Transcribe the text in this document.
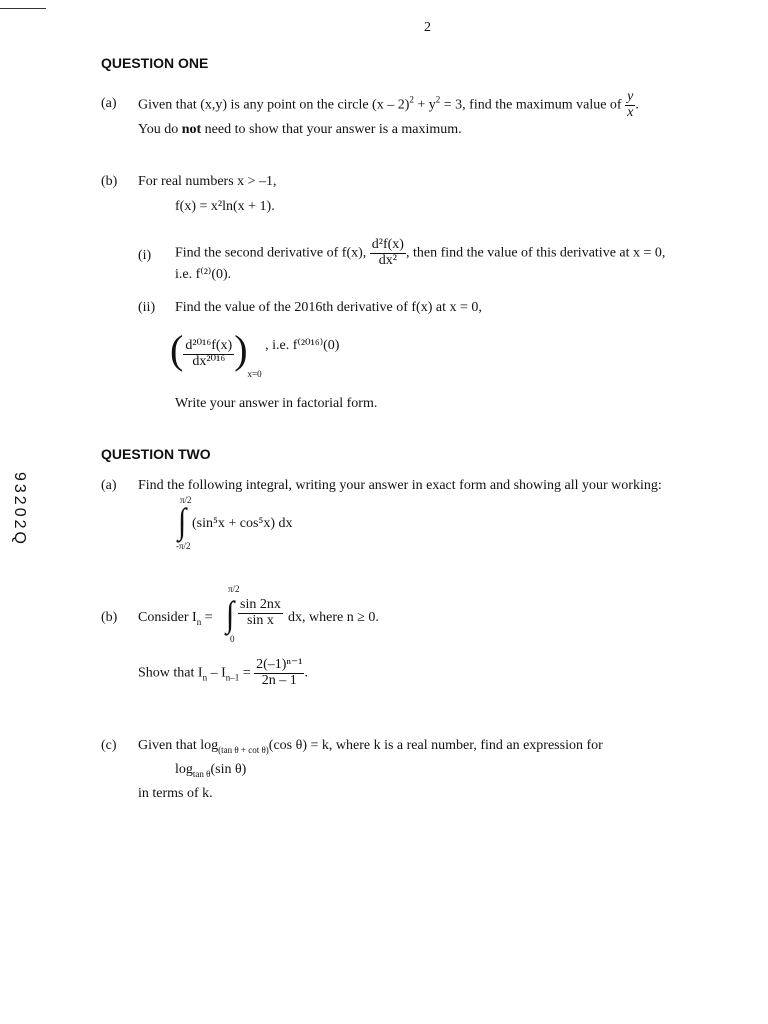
2
93202Q
QUESTION ONE
(a) Given that (x,y) is any point on the circle $(x - 2)^2 + y^2 = 3$, find the maximum value of $\frac{y}{x}$ .
You do not need to show that your answer is a maximum.
(b) For real numbers x > –1,
f(x) = x²ln(x + 1).
(i) Find the second derivative of f(x), $\frac{\text{d²f(x)}}{\text{dx²}}$ , then find the value of this derivative at x = 0,
i.e. f⁽²⁾(0).
(ii) Find the value of the 2016th derivative of f(x) at x = 0,
( $\frac{\text{d²⁰¹⁶f(x)}}{\text{dx²⁰¹⁶}} )_{x=0}$ , i.e. f⁽²⁰¹⁶⁾(0)
Write your answer in factorial form.
QUESTION TWO
(a) Find the following integral, writing your answer in exact form and showing all your working:
π/2
∫
-π/2
(sin⁵x + cos⁵x) dx
(b) Consider $I_n$ =
π/2
∫
0
$\frac{\sin 2nx}{\text{sin x}}$ dx, where n ≥ 0.
Show that $I_n - I_{n-1} = \frac{\text{2(–1)ⁿ⁻¹}}{2n - 1}$ .
(c) Given that $\log_{(tan \theta + cot \theta)}(\cos$ θ) = k, where k is a real number, find an expression for
$\log_{tan \theta}(\sin$ θ)
in terms of k.
